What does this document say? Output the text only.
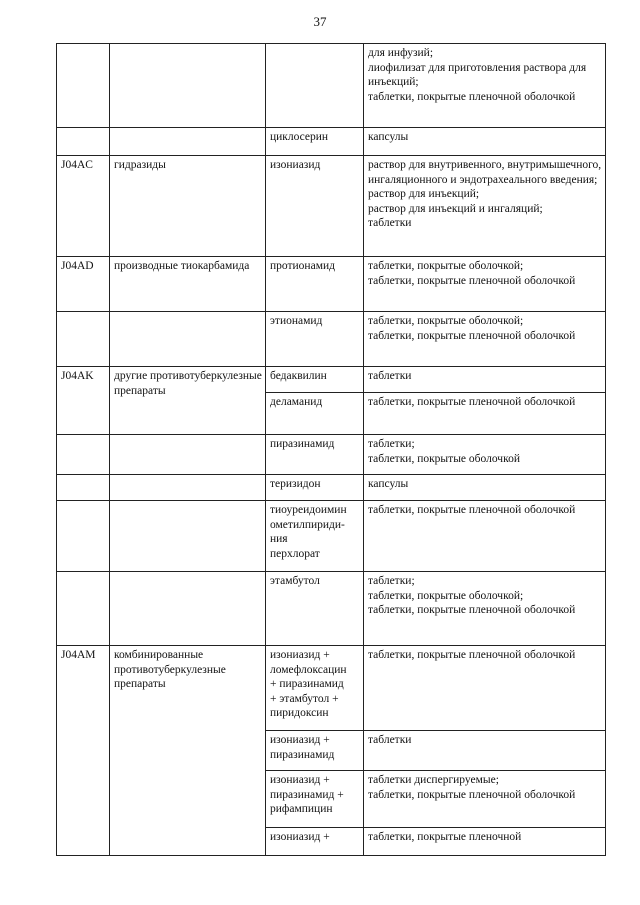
37
			для инфузий;
лиофилизат для приготовления раствора для инъекций;
таблетки, покрытые пленочной оболочкой
		циклосерин	капсулы
J04AC	гидразиды	изониазид	раствор для внутривенного, внутримышечного, ингаляционного и эндотрахеального введения;
раствор для инъекций;
раствор для инъекций и ингаляций;
таблетки
J04AD	производные тиокарбамида	протионамид	таблетки, покрытые оболочкой;
таблетки, покрытые пленочной оболочкой
		этионамид	таблетки, покрытые оболочкой;
таблетки, покрытые пленочной оболочкой
J04AK	другие противотуберкулезные препараты	бедаквилин	таблетки
		деламанид	таблетки, покрытые пленочной оболочкой
		пиразинамид	таблетки;
таблетки, покрытые оболочкой
		теризидон	капсулы
		тиоуреидоимин
ометилпириди-
ния
перхлорат	таблетки, покрытые пленочной оболочкой
		этамбутол	таблетки;
таблетки, покрытые оболочкой;
таблетки, покрытые пленочной оболочкой
J04AM	комбинированные противотуберкулезные препараты	изониазид +
ломефлоксацин
+ пиразинамид
+ этамбутол +
пиридоксин	таблетки, покрытые пленочной оболочкой
		изониазид +
пиразинамид	таблетки
		изониазид +
пиразинамид +
рифампицин	таблетки диспергируемые;
таблетки, покрытые пленочной оболочкой
		изониазид +	таблетки, покрытые пленочной
